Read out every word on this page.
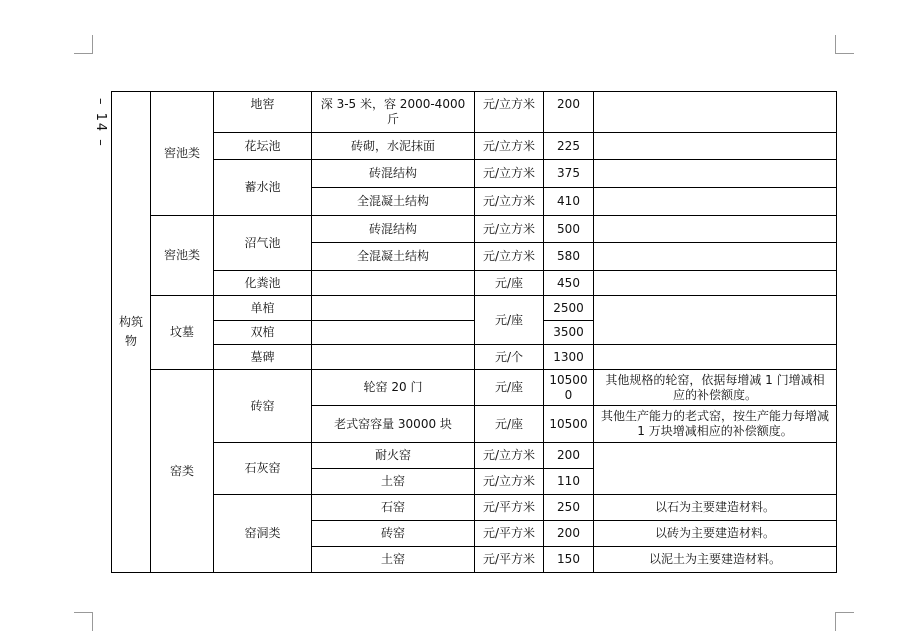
– 14 –
构筑物	窖池类	地窖	深 3-5 米，容 2000-4000 斤	元/立方米	200	
		花坛池	砖砌，水泥抹面	元/立方米	225	
		蓄水池	砖混结构	元/立方米	375	
			全混凝土结构	元/立方米	410	
	窖池类	沼气池	砖混结构	元/立方米	500	
			全混凝土结构	元/立方米	580	
		化粪池		元/座	450	
	坟墓	单棺		元/座	2500	
		双棺			3500	
		墓碑		元/个	1300	
	窑类	砖窑	轮窑 20 门	元/座	105000	其他规格的轮窑，依据每增减 1 门增减相 应的补偿额度。
			老式窑容量 30000 块	元/座	10500	其他生产能力的老式窑，按生产能力每增减 1 万块增减相应的补偿额度。
		石灰窑	耐火窑	元/立方米	200	
			土窑	元/立方米	110	
		窑洞类	石窑	元/平方米	250	以石为主要建造材料。
			砖窑	元/平方米	200	以砖为主要建造材料。
			土窑	元/平方米	150	以泥土为主要建造材料。
